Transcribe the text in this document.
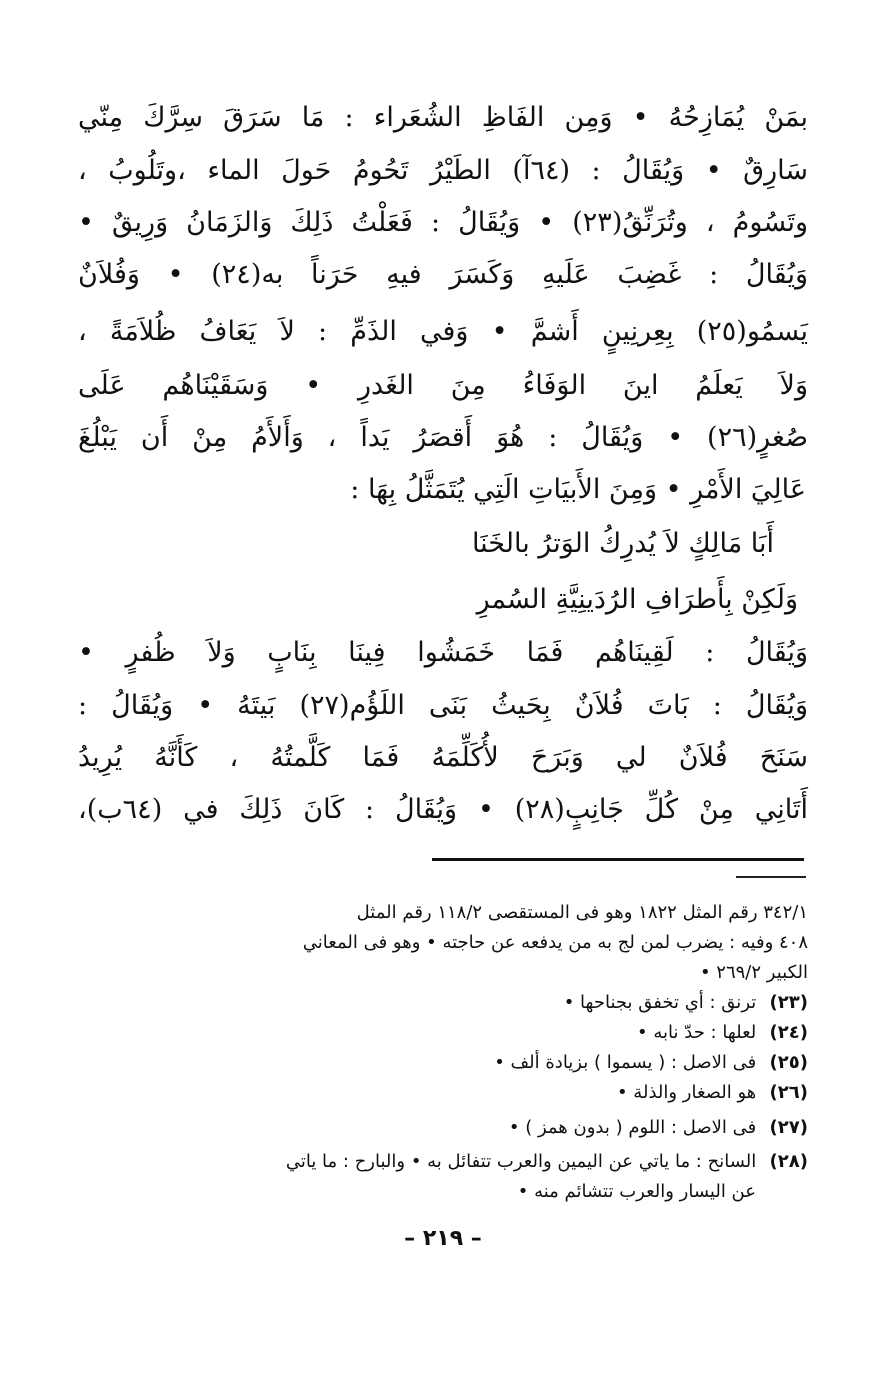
بمَنْ يُمَازِحُهُ • وَمِن الفَاظِ الشُعَراء : مَا سَرَقَ سِرَّكَ مِنّي
سَارِقٌ • وَيُقَالُ : (٦٤آ) الطَيْرُ تَحُومُ حَولَ الماء ،وتَلُوبُ ،
وتَسُومُ ، وتُرَنِّقُ(٢٣) • وَيُقَالُ : فَعَلْتُ ذَلِكَ وَالزَمَانُ وَرِيقٌ •
وَيُقَالُ : غَضِبَ عَلَيهِ وَكَسَرَ فيهِ حَرَناً به(٢٤) • وَفُلاَنٌ
يَسمُو(٢٥) بِعِرنِينٍ أَشمَّ • وَفي الذَمِّ : لاَ يَعَافُ ظُلاَمَةً ،
وَلاَ يَعلَمُ اينَ الوَفَاءُ مِنَ الغَدرِ • وَسَقَيْنَاهُم عَلَى
صُغرٍ(٢٦) • وَيُقَالُ : هُوَ أَقصَرُ يَداً ، وَأَلأَمُ مِنْ أَن يَبْلُغَ
عَالِيَ الأَمْرِ • وَمِنَ الأَبيَاتِ الَتِي يُتَمَثَّلُ بِهَا :
أَبَا مَالِكٍ لاَ يُدرِكُ الوَترُ بالخَنَا
وَلَكِنْ بِأَطرَافِ الرُدَينِيَّةِ السُمرِ
وَيُقَالُ : لَقِينَاهُم فَمَا خَمَشُوا فِينَا بِنَابٍ وَلاَ ظُفرٍ •
وَيُقَالُ : بَاتَ فُلاَنٌ بِحَيثُ بَنَى اللَؤُم(٢٧) بَيتَهُ • وَيُقَالُ :
سَنَحَ فُلاَنٌ لي وَبَرَحَ لأُكَلِّمَهُ فَمَا كَلَّمتُهُ ، كَأَنَّهُ يُرِيدُ
أَتَانِي مِنْ كُلِّ جَانِبٍ(٢٨) • وَيُقَالُ : كَانَ ذَلِكَ في (٦٤ب)،
٣٤٢/١ رقم المثل ١٨٢٢ وهو فى المستقصى ١١٨/٢ رقم المثل
٤٠٨ وفيه : يضرب لمن لج به من يدفعه عن حاجته • وهو فى المعاني
الكبير ٢٦٩/٢ •
(٢٣) ترنق : أي تخفق بجناحها •
(٢٤) لعلها : حدّ نابه •
(٢٥) فى الاصل : ( يسموا ) بزيادة ألف •
(٢٦) هو الصغار والذلة •
(٢٧) فى الاصل : اللوم ( بدون همز ) •
(٢٨) السانح : ما ياتي عن اليمين والعرب تتفائل به • والبارح : ما ياتي
عن اليسار والعرب تتشائم منه •
– ٢١٩ –
